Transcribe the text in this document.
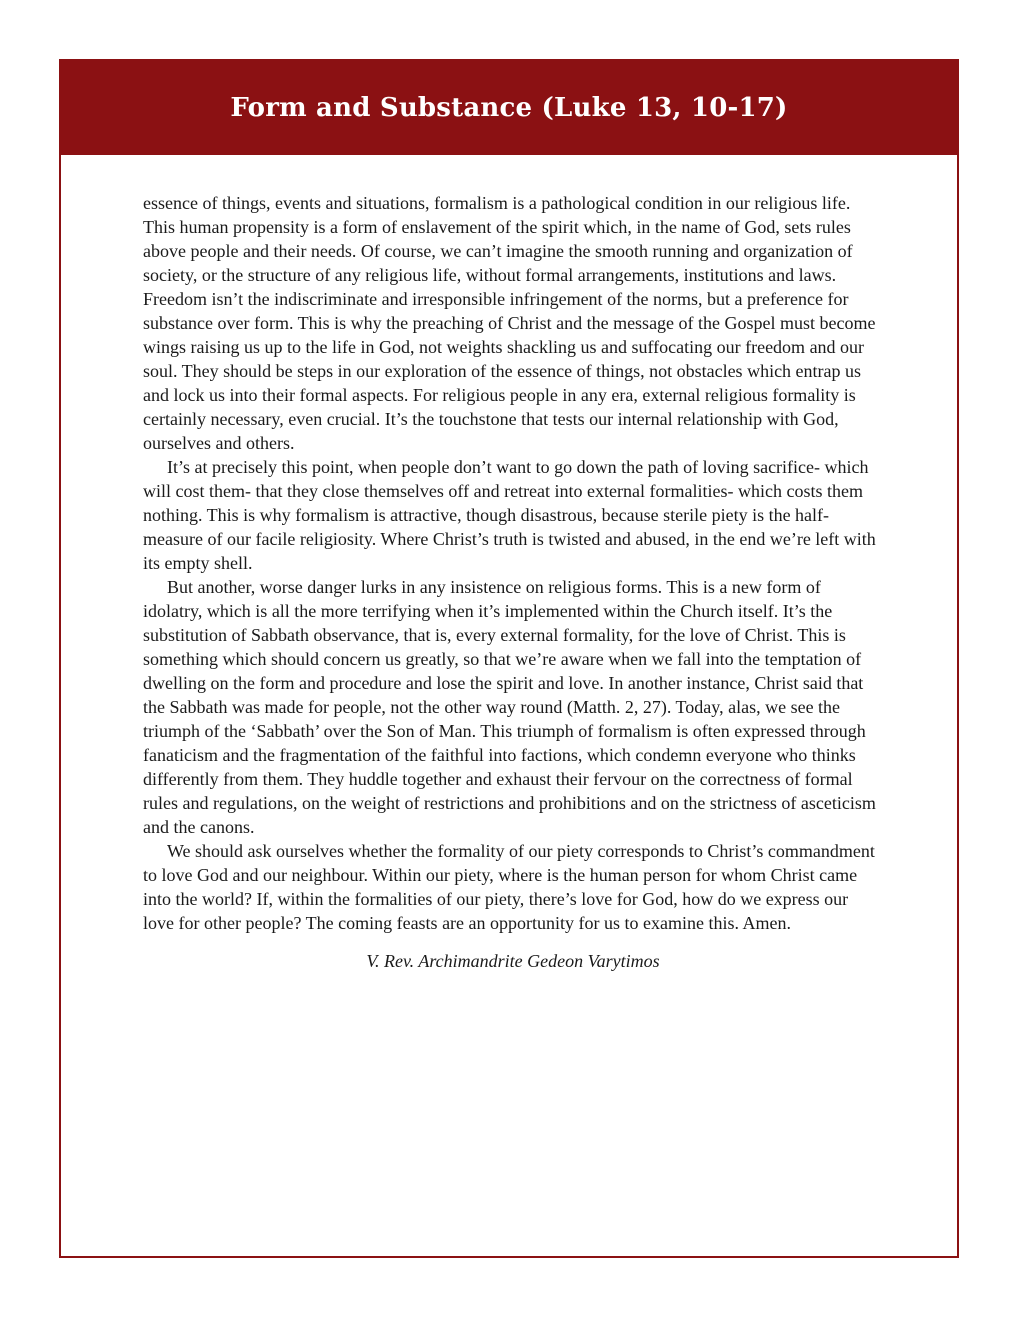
Form and Substance (Luke 13, 10-17)

essence of things, events and situations, formalism is a pathological condition in our religious life. This human propensity is a form of enslavement of the spirit which, in the name of God, sets rules above people and their needs. Of course, we can’t imagine the smooth running and organization of society, or the structure of any religious life, without formal arrangements, institutions and laws. Freedom isn’t the indiscriminate and irresponsible infringement of the norms, but a preference for substance over form. This is why the preaching of Christ and the message of the Gospel must become wings raising us up to the life in God, not weights shackling us and suffocating our freedom and our soul. They should be steps in our exploration of the essence of things, not obstacles which entrap us and lock us into their formal aspects. For religious people in any era, external religious formality is certainly necessary, even crucial. It’s the touchstone that tests our internal relationship with God, ourselves and others.

It’s at precisely this point, when people don’t want to go down the path of loving sacrifice- which will cost them- that they close themselves off and retreat into external formalities- which costs them nothing. This is why formalism is attractive, though disastrous, because sterile piety is the half-measure of our facile religiosity. Where Christ’s truth is twisted and abused, in the end we’re left with its empty shell.

But another, worse danger lurks in any insistence on religious forms. This is a new form of idolatry, which is all the more terrifying when it’s implemented within the Church itself. It’s the substitution of Sabbath observance, that is, every external formality, for the love of Christ. This is something which should concern us greatly, so that we’re aware when we fall into the temptation of dwelling on the form and procedure and lose the spirit and love. In another instance, Christ said that the Sabbath was made for people, not the other way round (Matth. 2, 27). Today, alas, we see the triumph of the ‘Sabbath’ over the Son of Man. This triumph of formalism is often expressed through fanaticism and the fragmentation of the faithful into factions, which condemn everyone who thinks differently from them. They huddle together and exhaust their fervour on the correctness of formal rules and regulations, on the weight of restrictions and prohibitions and on the strictness of asceticism and the canons.

We should ask ourselves whether the formality of our piety corresponds to Christ’s commandment to love God and our neighbour. Within our piety, where is the human person for whom Christ came into the world? If, within the formalities of our piety, there’s love for God, how do we express our love for other people? The coming feasts are an opportunity for us to examine this. Amen.

V. Rev. Archimandrite Gedeon Varytimos
